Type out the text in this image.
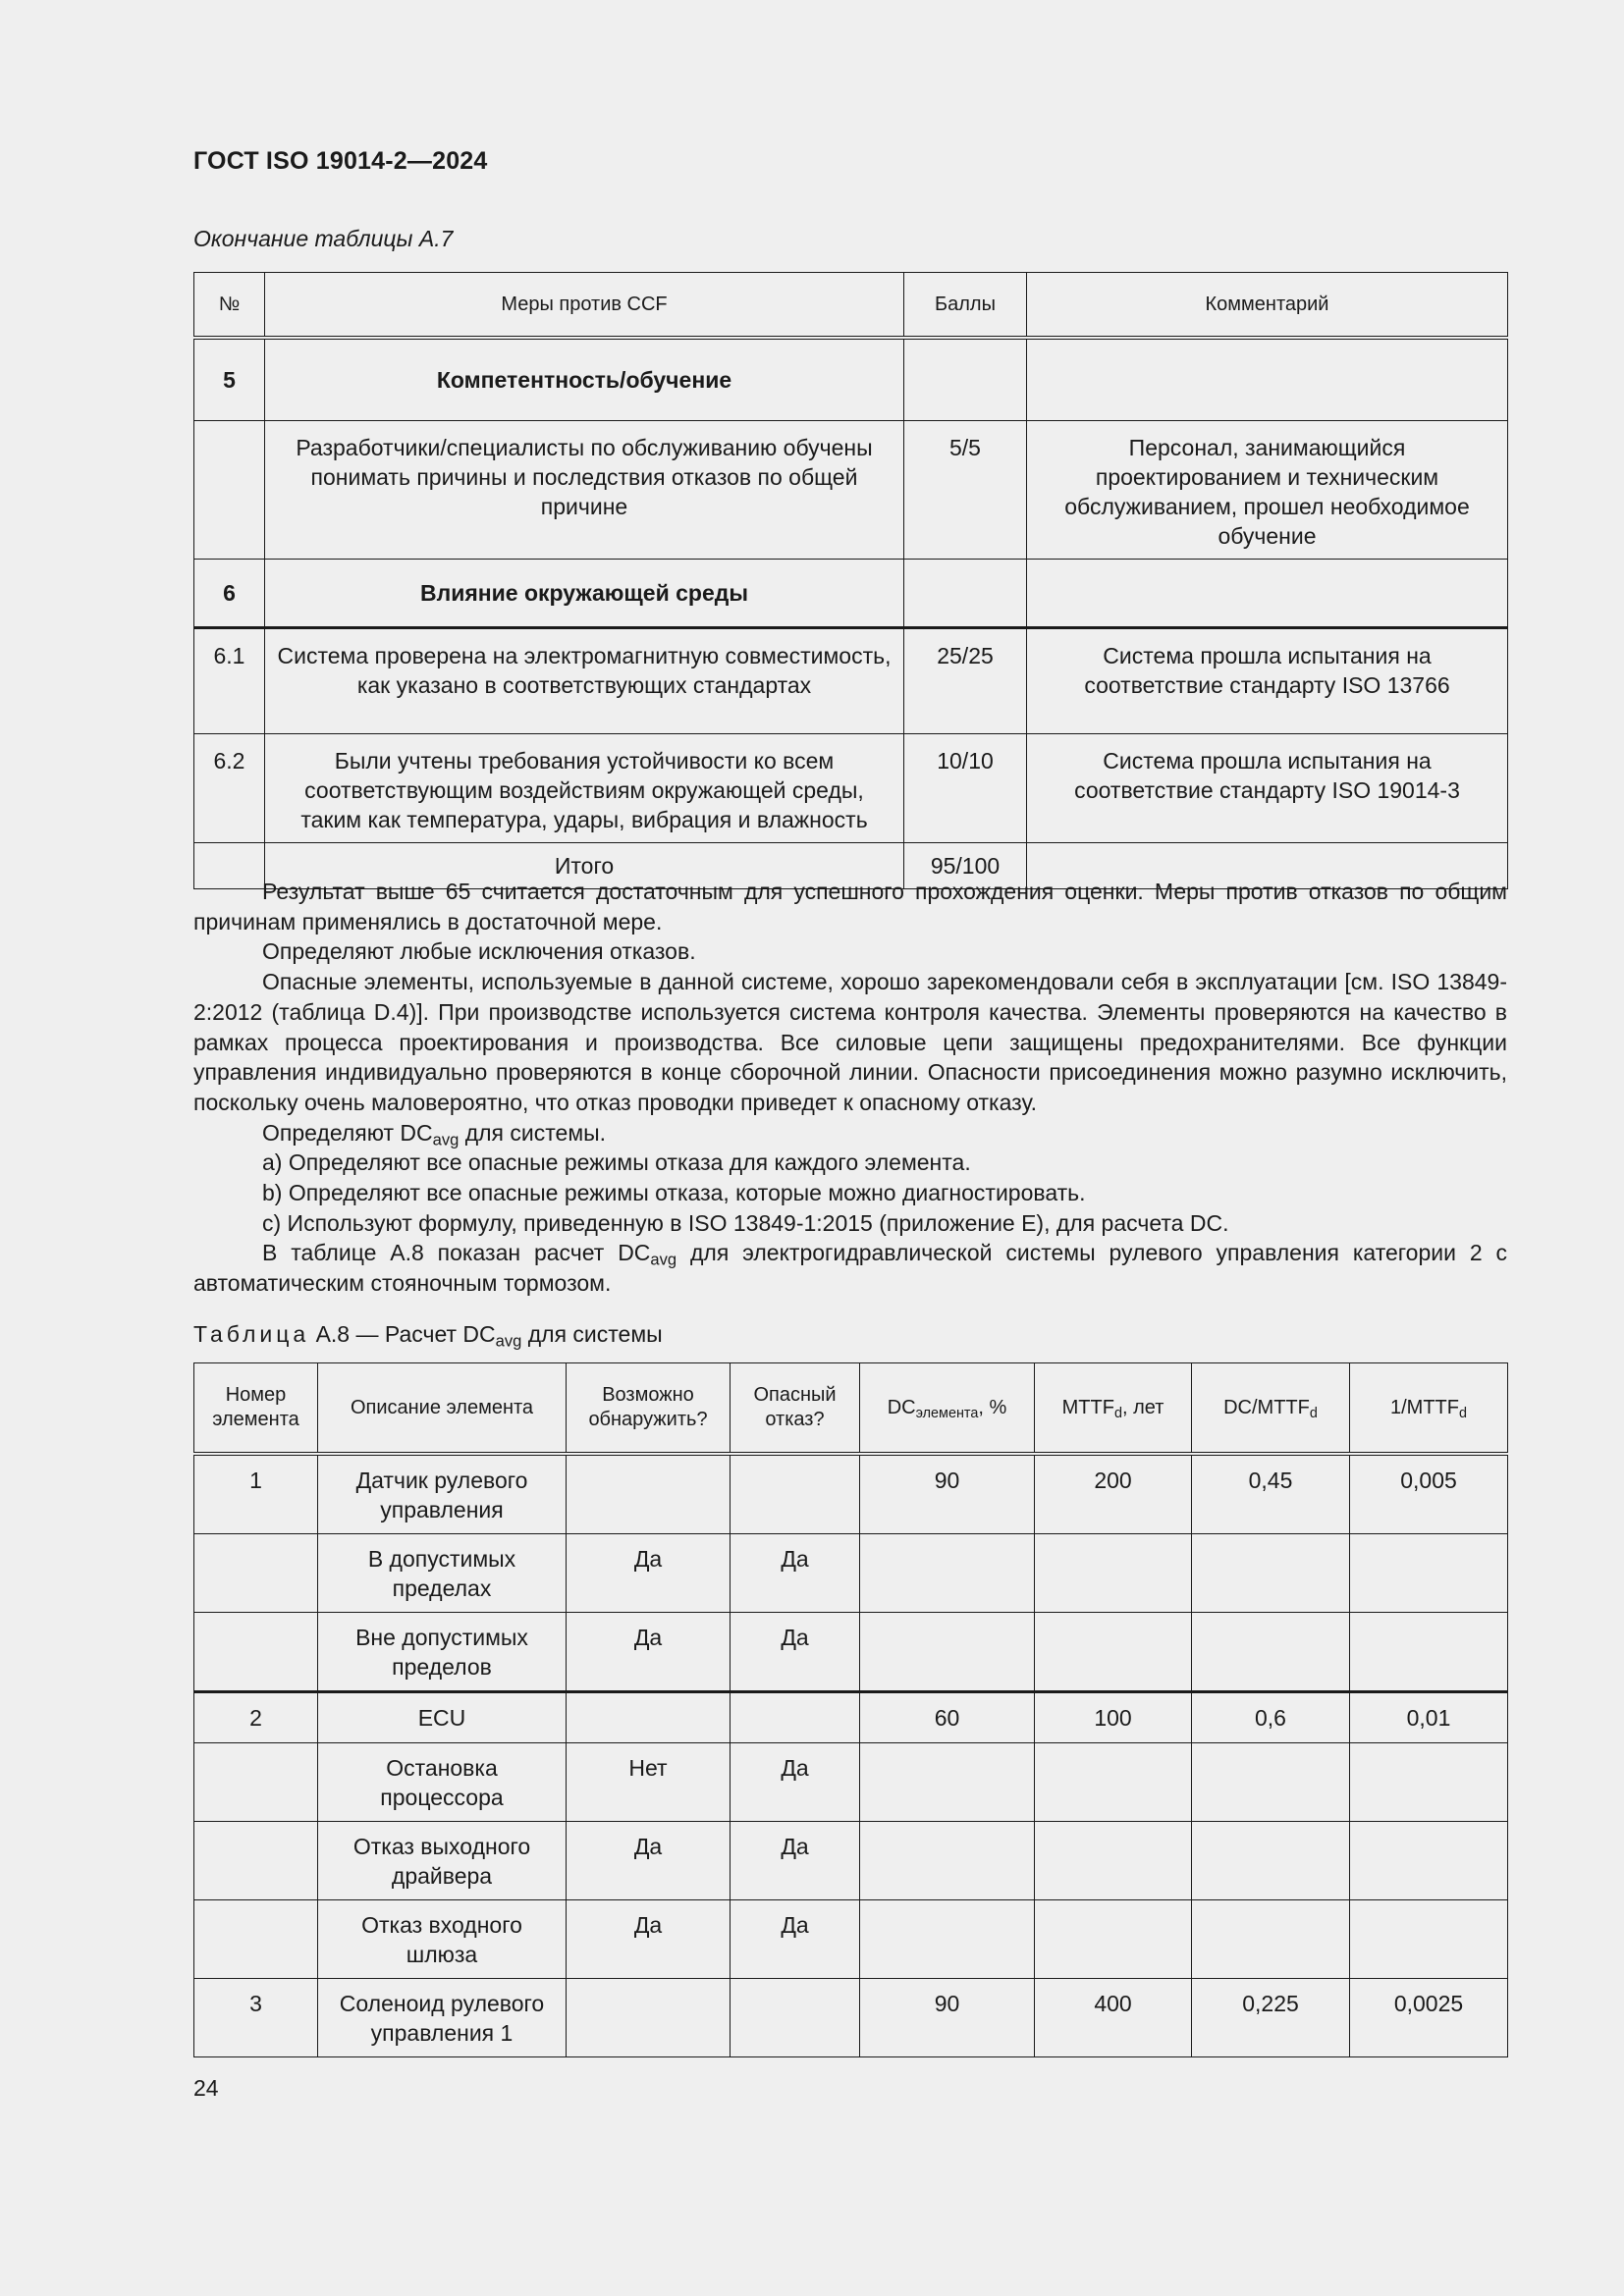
ГОСТ ISO 19014-2—2024
Окончание таблицы А.7
№	Меры против CCF	Баллы	Комментарий
5	Компетентность/обучение		
	Разработчики/специалисты по обслуживанию обучены понимать причины и последствия отказов по общей причине	5/5	Персонал, занимающийся проектированием и техническим обслуживанием, прошел необходимое обучение
6	Влияние окружающей среды		
6.1	Система проверена на электромагнитную совместимость, как указано в соответствующих стандартах	25/25	Система прошла испытания на соответствие стандарту ISO 13766
6.2	Были учтены требования устойчивости ко всем соответствующим воздействиям окружающей среды, таким как температура, удары, вибрация и влажность	10/10	Система прошла испытания на соответствие стандарту ISO 19014-3
	Итого	95/100	

Результат выше 65 считается достаточным для успешного прохождения оценки. Меры против отказов по общим причинам применялись в достаточной мере.

Определяют любые исключения отказов.

Опасные элементы, используемые в данной системе, хорошо зарекомендовали себя в эксплуатации [см. ISO 13849-2:2012 (таблица D.4)]. При производстве используется система контроля качества. Элементы проверяются на качество в рамках процесса проектирования и производства. Все силовые цепи защищены предохранителями. Все функции управления индивидуально проверяются в конце сборочной линии. Опасности присоединения можно разумно исключить, поскольку очень маловероятно, что отказ проводки приведет к опасному отказу.

Определяют $DC_{avg}$ для системы.

a) Определяют все опасные режимы отказа для каждого элемента.

b) Определяют все опасные режимы отказа, которые можно диагностировать.

c) Используют формулу, приведенную в ISO 13849-1:2015 (приложение Е), для расчета DC.

В таблице А.8 показан расчет $DC_{avg}$ для электрогидравлической системы рулевого управления категории 2 с автоматическим стояночным тормозом.

Таблица А.8 — Расчет $DC_{avg}$ для системы
Номер элемента	Описание элемента	Возможно обнаружить?	Опасный отказ?	$DC_{элемента}$, %	$MTTF_d$, лет	$DC/MTTF_d$	$1/MTTF_d$
1	Датчик рулевого управления			90	200	0,45	0,005
	В допустимых пределах	Да	Да				
	Вне допустимых пределов	Да	Да				
2	ECU			60	100	0,6	0,01
	Остановка процессора	Нет	Да				
	Отказ выходного драйвера	Да	Да				
	Отказ входного шлюза	Да	Да				
3	Соленоид рулевого управления 1			90	400	0,225	0,0025
24
